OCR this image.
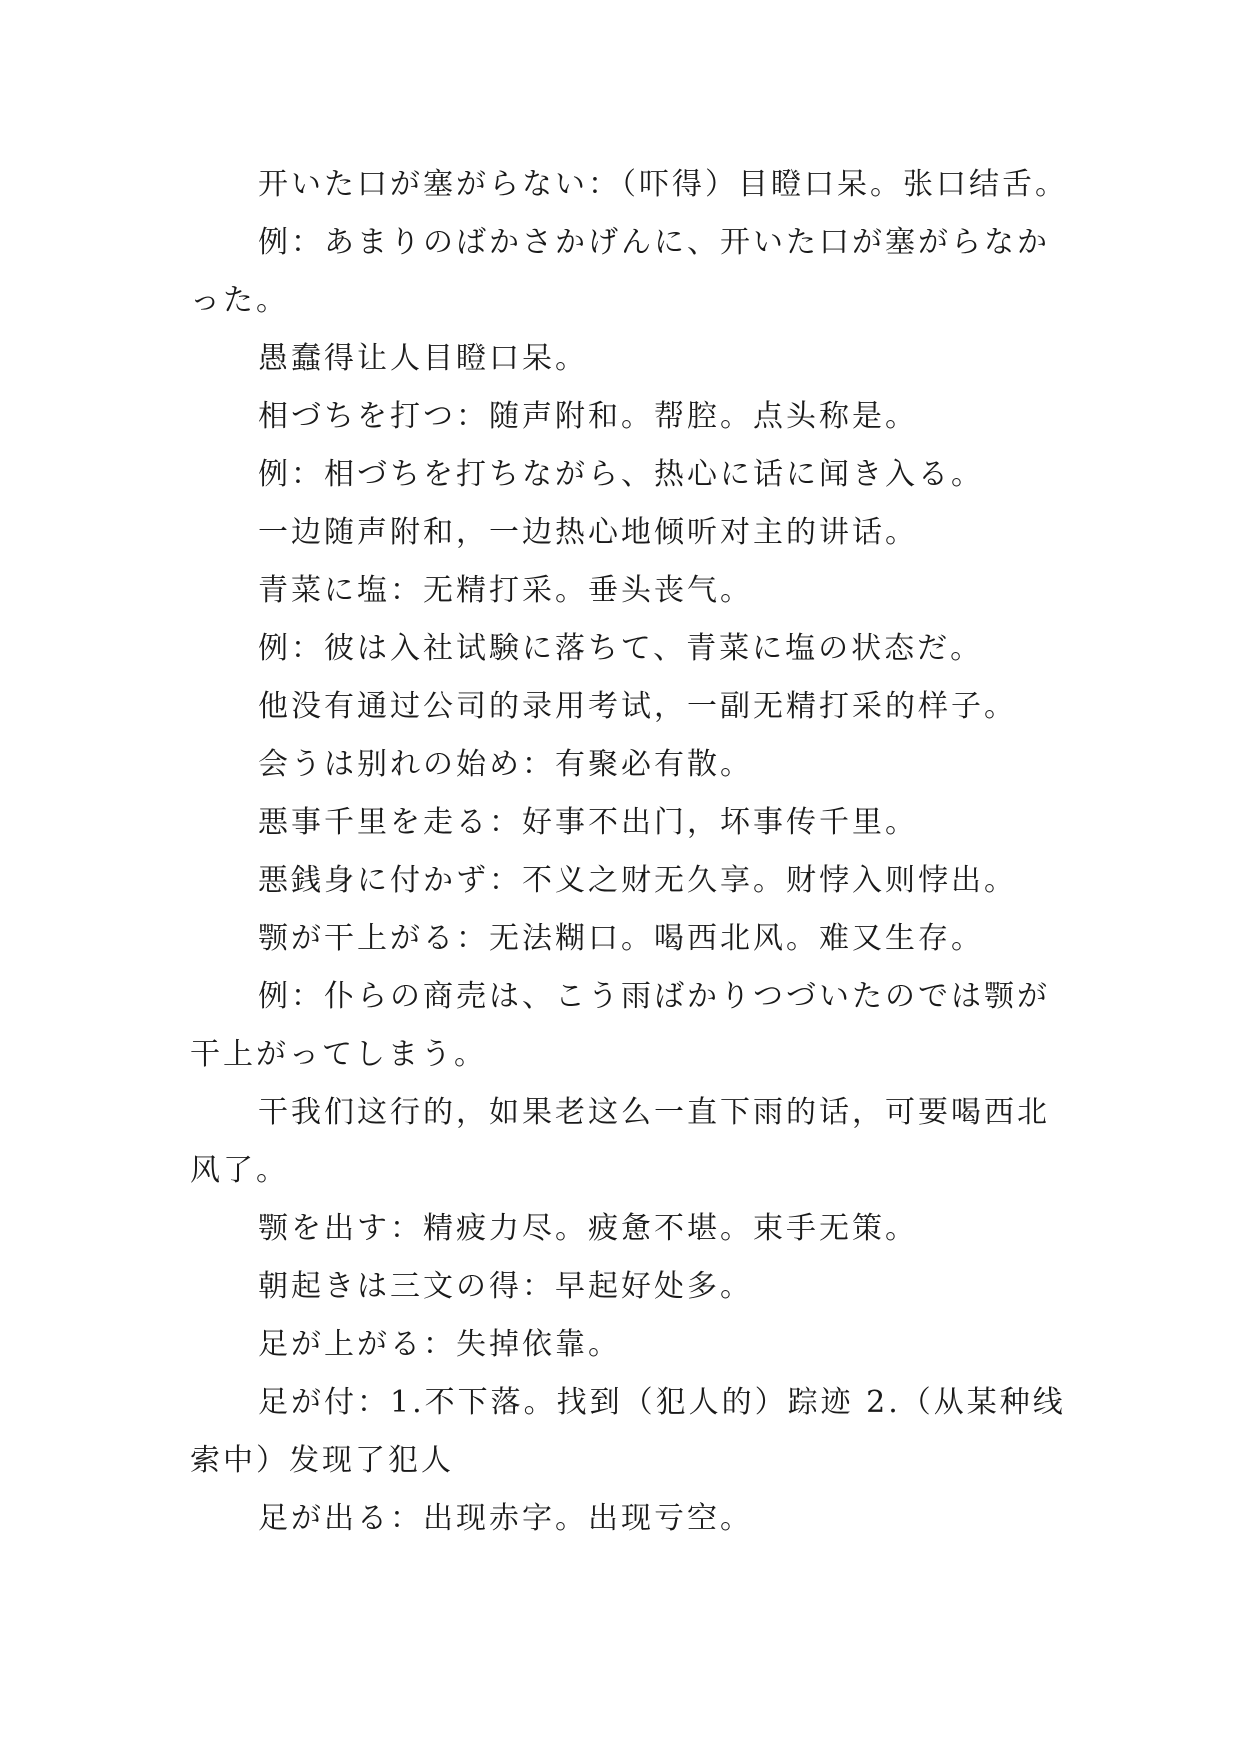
开いた口が塞がらない：（吓得）目瞪口呆。张口结舌。

例：あまりのばかさかげんに、开いた口が塞がらなかった。

愚蠢得让人目瞪口呆。

相づちを打つ：随声附和。帮腔。点头称是。

例：相づちを打ちながら、热心に话に闻き入る。

一边随声附和，一边热心地倾听对主的讲话。

青菜に塩：无精打采。垂头丧气。

例：彼は入社试験に落ちて、青菜に塩の状态だ。

他没有通过公司的录用考试，一副无精打采的样子。

会うは别れの始め：有聚必有散。

悪事千里を走る：好事不出门，坏事传千里。

悪銭身に付かず：不义之财无久享。财悖入则悖出。

颚が干上がる：无法糊口。喝西北风。难又生存。

例：仆らの商売は、こう雨ばかりつづいたのでは颚が干上がってしまう。

干我们这行的，如果老这么一直下雨的话，可要喝西北风了。

颚を出す：精疲力尽。疲惫不堪。束手无策。

朝起きは三文の得：早起好处多。

足が上がる：失掉依靠。

足が付：1.不下落。找到（犯人的）踪迹 2.（从某种线索中）发现了犯人

足が出る：出现赤字。出现亏空。
